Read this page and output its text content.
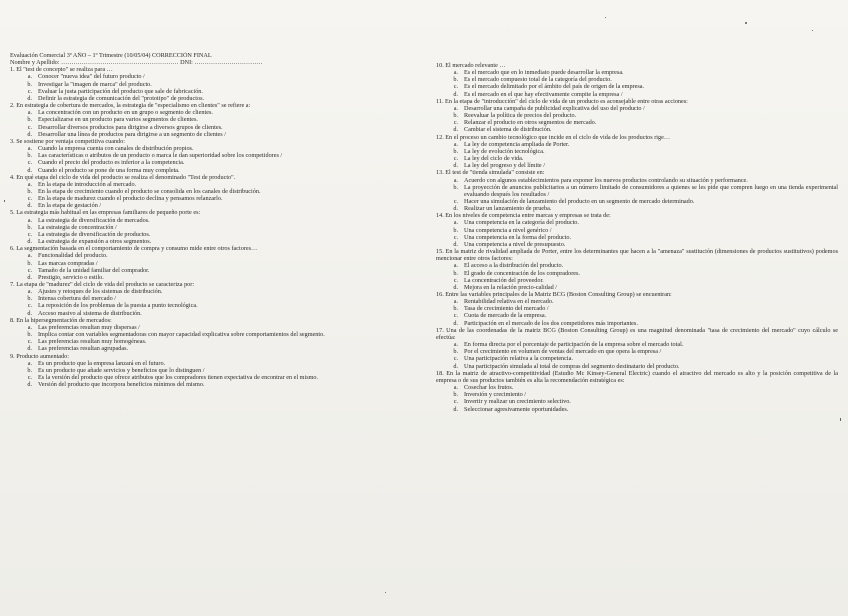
Evaluación Comercial 3º AÑO – 1º Trimestre (10/05/04) CORRECCIÓN FINAL
Nombre y Apellido: ………………………………………………… DNI: ……………………………
1. El "test de concepto" se realiza para …
a. Conocer "nueva idea" del futuro producto /
b. Investigar la "imagen de marca" del producto.
c. Evaluar la justa participación del producto que sale de fabricación.
d. Definir la estrategia de comunicación del "prototipo" de productos.
2. En estrategia de cobertura de mercados, la estrategia de "especialismo en clientes" se refiere a:
a. La concentración con un producto en un grupo o segmento de clientes.
b. Especializarse en un producto para varios segmentos de clientes.
c. Desarrollar diversos productos para dirigirse a diversos grupos de clientes.
d. Desarrollar una línea de productos para dirigirse a un segmento de clientes /
3. Se sostiene por ventaja competitiva cuando:
a. Cuando la empresa cuenta con canales de distribución propios.
b. Las características o atributos de un producto o marca le dan superioridad sobre los competidores /
c. Cuando el precio del producto es inferior a la competencia.
d. Cuando el producto se pone de una forma muy completa.
4. En qué etapa del ciclo de vida del producto se realiza el denominado "Test de producto".
a. En la etapa de introducción al mercado.
b. En la etapa de crecimiento cuando el producto se consolida en los canales de distribución.
c. En la etapa de madurez cuando el producto declina y pensamos relanzarlo.
d. En la etapa de gestación /
5. La estrategia más habitual en las empresas familiares de pequeño porte es:
a. La estrategia de diversificación de mercados.
b. La estrategia de concentración /
c. La estrategia de diversificación de productos.
d. La estrategia de expansión a otros segmentos.
6. La segmentación basada en el comportamiento de compra y consumo mide entre otros factores…
a. Funcionalidad del producto.
b. Las marcas compradas /
c. Tamaño de la unidad familiar del comprador.
d. Prestigio, servicio o estilo.
7. La etapa de "madurez" del ciclo de vida del producto se caracteriza por:
a. Ajustes y retoques de los sistemas de distribución.
b. Intensa cobertura del mercado /
c. La reposición de los problemas de la puesta a punto tecnológica.
d. Acceso masivo al sistema de distribución.
8. En la hipersegmentación de mercados:
a. Las preferencias resultan muy dispersas /
b. Implica contar con variables segmentadoras con mayor capacidad explicativa sobre comportamientos del segmento.
c. Las preferencias resultan muy homogéneas.
d. Las preferencias resultan agrupadas.
9. Producto aumentado:
a. Es un producto que la empresa lanzará en el futuro.
b. Es un producto que añade servicios y beneficios que lo distinguen /
c. Es la versión del producto que ofrece atributos que los compradores tienen expectativa de encontrar en el mismo.
d. Versión del producto que incorpora beneficios mínimos del mismo.
10. El mercado relevante …
a. Es el mercado que en lo inmediato puede desarrollar la empresa.
b. Es el mercado compuesto total de la categoría del producto.
c. Es el mercado delimitado por el ámbito del país de origen de la empresa.
d. Es el mercado en el que hay efectivamente compite la empresa /
11. En la etapa de "introducción" del ciclo de vida de un producto es aconsejable entre otras acciones:
a. Desarrollar una campaña de publicidad explicativa del uso del producto /
b. Reevaluar la política de precios del producto.
c. Relanzar el producto en otros segmentos de mercado.
d. Cambiar el sistema de distribución.
12. En el proceso un cambio tecnológico que incide en el ciclo de vida de los productos rige…
a. La ley de competencia ampliada de Porter.
b. La ley de evolución tecnológica.
c. La ley del ciclo de vida.
d. La ley del progreso y del límite /
13. El test de "tienda simulada" consiste en:
a. Acuerdo con algunos establecimientos para exponer los nuevos productos controlando su situación y performance.
b. La proyección de anuncios publicitarios a un número limitado de consumidores a quienes se les pide que compren luego en una tienda experimental evaluando después los resultados /
c. Hacer una simulación de lanzamiento del producto en un segmento de mercado determinado.
d. Realizar un lanzamiento de prueba.
14. En los niveles de competencia entre marcas y empresas se trata de:
a. Una competencia en la categoría del producto.
b. Una competencia a nivel genérico /
c. Una competencia en la forma del producto.
d. Una competencia a nivel de presupuesto.
15. En la matriz de rivalidad ampliada de Porter, entre los determinantes que hacen a la "amenaza" sustitución (dimensiones de productos sustitutivos) podemos mencionar entre otros factores:
a. El acceso a la distribución del producto.
b. El grado de concentración de los compradores.
c. La concentración del proveedor.
d. Mejora en la relación precio-calidad /
16. Entre las variables principales de la Matriz BCG (Boston Consulting Group) se encuentran:
a. Rentabilidad relativa en el mercado.
b. Tasa de crecimiento del mercado /
c. Cuota de mercado de la empresa.
d. Participación en el mercado de los dos competidores más importantes.
17. Una de las coordenadas de la matriz BCG (Boston Consulting Group) es una magnitud denominada "tasa de crecimiento del mercado" cuyo cálculo se efectúa:
a. En forma directa por el porcentaje de participación de la empresa sobre el mercado total.
b. Por el crecimiento en volumen de ventas del mercado en que opera la empresa /
c. Una participación relativa a la competencia.
d. Una participación simulada al total de compras del segmento destinatario del producto.
18. En la matriz de atractivo-competitividad (Estudio Mc Kinsey-General Electric) cuando el atractivo del mercado es alto y la posición competitiva de la empresa o de sus productos también es alta la recomendación estratégica es:
a. Cosechar los frutos.
b. Inversión y crecimiento /
c. Invertir y realizar un crecimiento selectivo.
d. Seleccionar agresivamente oportunidades.
